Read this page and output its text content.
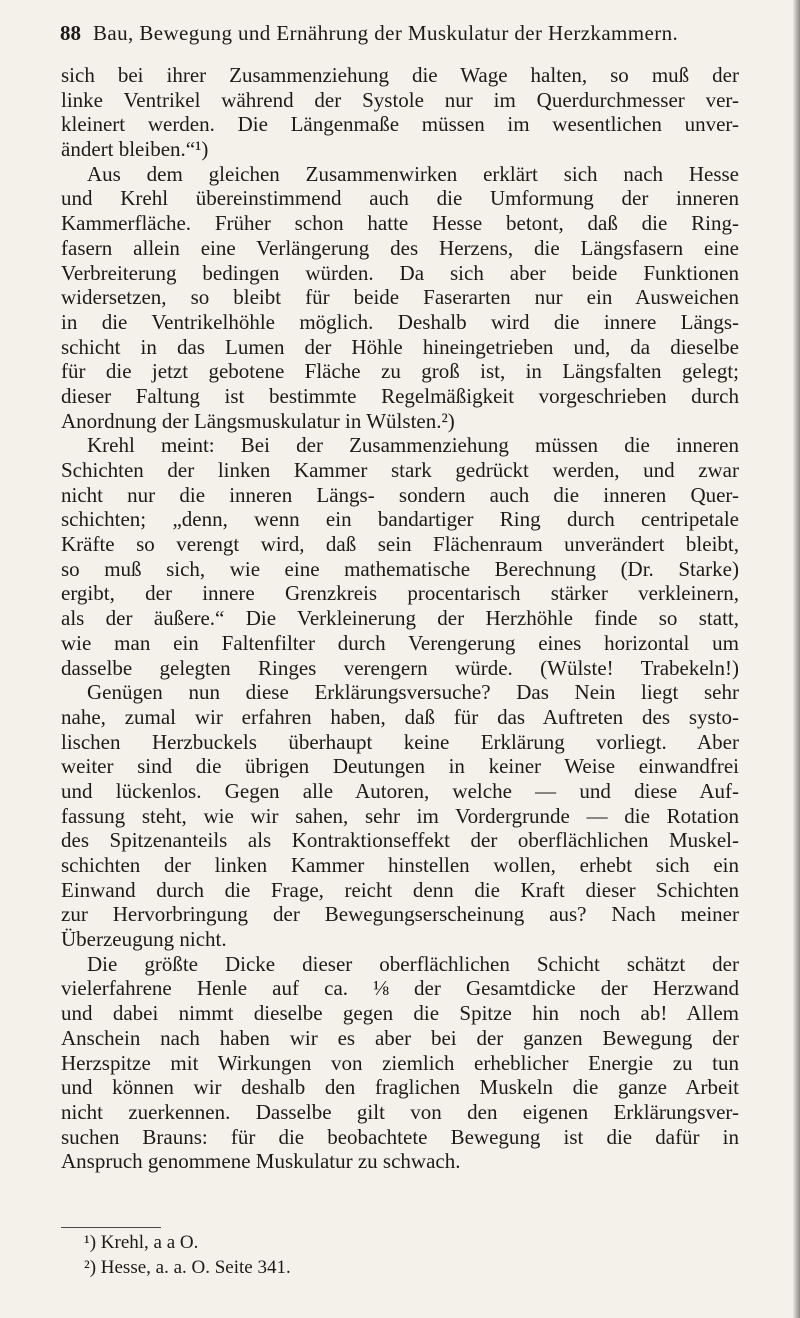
88 Bau, Bewegung und Ernährung der Muskulatur der Herzkammern.
sich bei ihrer Zusammenziehung die Wage halten, so muß der
linke Ventrikel während der Systole nur im Querdurchmesser ver-
kleinert werden. Die Längenmaße müssen im wesentlichen unver-
ändert bleiben.“¹)
Aus dem gleichen Zusammenwirken erklärt sich nach Hesse
und Krehl übereinstimmend auch die Umformung der inneren
Kammerfläche. Früher schon hatte Hesse betont, daß die Ring-
fasern allein eine Verlängerung des Herzens, die Längsfasern eine
Verbreiterung bedingen würden. Da sich aber beide Funktionen
widersetzen, so bleibt für beide Faserarten nur ein Ausweichen
in die Ventrikelhöhle möglich. Deshalb wird die innere Längs-
schicht in das Lumen der Höhle hineingetrieben und, da dieselbe
für die jetzt gebotene Fläche zu groß ist, in Längsfalten gelegt;
dieser Faltung ist bestimmte Regelmäßigkeit vorgeschrieben durch
Anordnung der Längsmuskulatur in Wülsten.²)
Krehl meint: Bei der Zusammenziehung müssen die inneren
Schichten der linken Kammer stark gedrückt werden, und zwar
nicht nur die inneren Längs- sondern auch die inneren Quer-
schichten; „denn, wenn ein bandartiger Ring durch centripetale
Kräfte so verengt wird, daß sein Flächenraum unverändert bleibt,
so muß sich, wie eine mathematische Berechnung (Dr. Starke)
ergibt, der innere Grenzkreis procentarisch stärker verkleinern,
als der äußere.“ Die Verkleinerung der Herzhöhle finde so statt,
wie man ein Faltenfilter durch Verengerung eines horizontal um
dasselbe gelegten Ringes verengern würde. (Wülste! Trabekeln!)
Genügen nun diese Erklärungsversuche? Das Nein liegt sehr
nahe, zumal wir erfahren haben, daß für das Auftreten des systo-
lischen Herzbuckels überhaupt keine Erklärung vorliegt. Aber
weiter sind die übrigen Deutungen in keiner Weise einwandfrei
und lückenlos. Gegen alle Autoren, welche — und diese Auf-
fassung steht, wie wir sahen, sehr im Vordergrunde — die Rotation
des Spitzenanteils als Kontraktionseffekt der oberflächlichen Muskel-
schichten der linken Kammer hinstellen wollen, erhebt sich ein
Einwand durch die Frage, reicht denn die Kraft dieser Schichten
zur Hervorbringung der Bewegungserscheinung aus? Nach meiner
Überzeugung nicht.
Die größte Dicke dieser oberflächlichen Schicht schätzt der
vielerfahrene Henle auf ca. ⅛ der Gesamtdicke der Herzwand
und dabei nimmt dieselbe gegen die Spitze hin noch ab! Allem
Anschein nach haben wir es aber bei der ganzen Bewegung der
Herzspitze mit Wirkungen von ziemlich erheblicher Energie zu tun
und können wir deshalb den fraglichen Muskeln die ganze Arbeit
nicht zuerkennen. Dasselbe gilt von den eigenen Erklärungsver-
suchen Brauns: für die beobachtete Bewegung ist die dafür in
Anspruch genommene Muskulatur zu schwach.
¹) Krehl, a a O.
²) Hesse, a. a. O. Seite 341.
